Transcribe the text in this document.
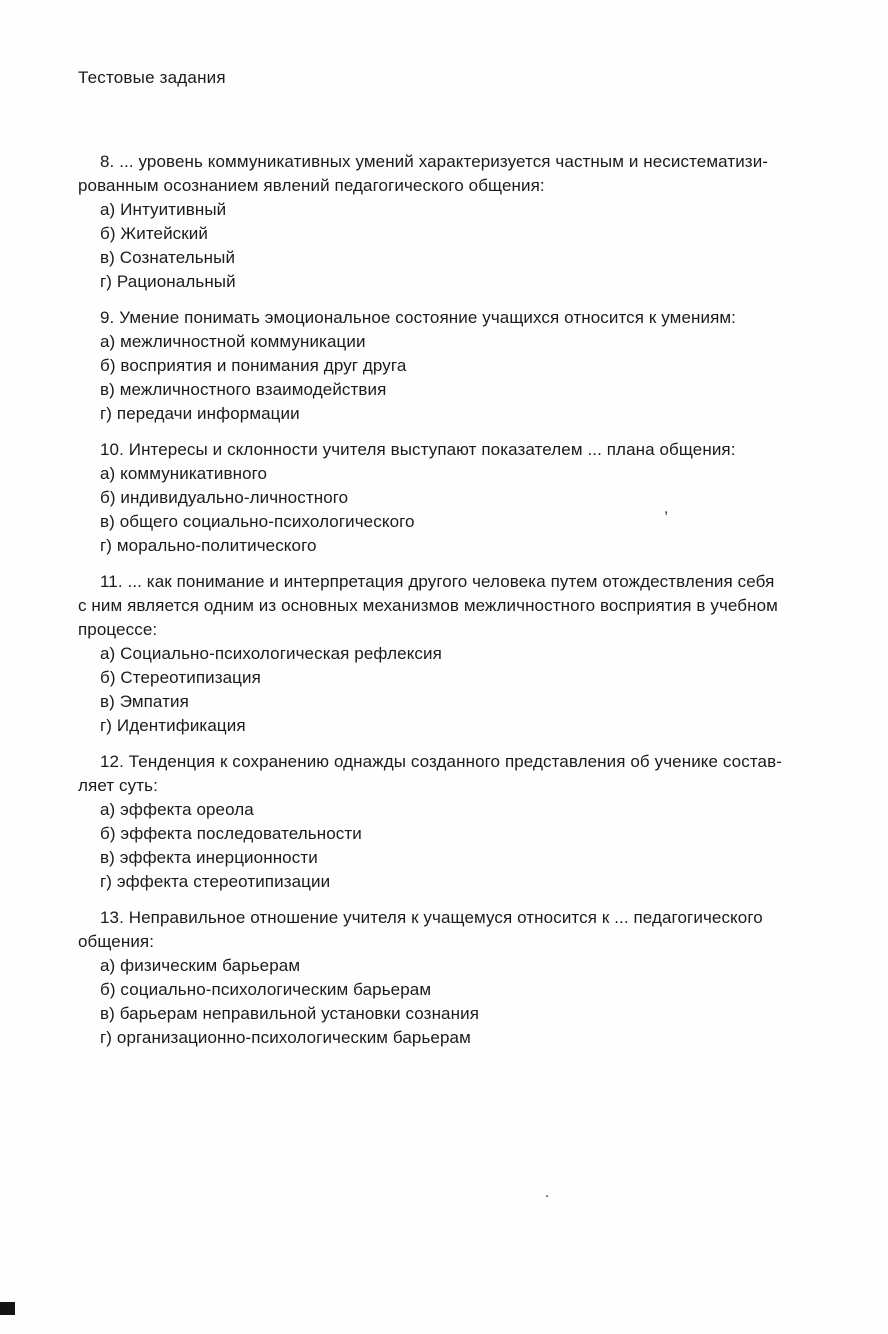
Тестовые задания

8. ... уровень коммуникативных умений характеризуется частным и несистематизи-

рованным осознанием явлений педагогического общения:

а) Интуитивный

б) Житейский

в) Сознательный

г) Рациональный

9. Умение понимать эмоциональное состояние учащихся относится к умениям:

а) межличностной коммуникации

б) восприятия и понимания друг друга

в) межличностного взаимодействия

г) передачи информации

10. Интересы и склонности учителя выступают показателем ... плана общения:

а) коммуникативного

б) индивидуально-личностного

в) общего социально-психологического

г) морально-политического

11. ... как понимание и интерпретация другого человека путем отождествления себя

с ним является одним из основных механизмов межличностного восприятия в учебном

процессе:

а) Социально-психологическая рефлексия

б) Стереотипизация

в) Эмпатия

г) Идентификация

12. Тенденция к сохранению однажды созданного представления об ученике состав-

ляет суть:

а) эффекта ореола

б) эффекта последовательности

в) эффекта инерционности

г) эффекта стереотипизации

13. Неправильное отношение учителя к учащемуся относится к ... педагогического

общения:

а) физическим барьерам

б) социально-психологическим барьерам

в) барьерам неправильной установки сознания

г) организационно-психологическим барьерам

,
.
